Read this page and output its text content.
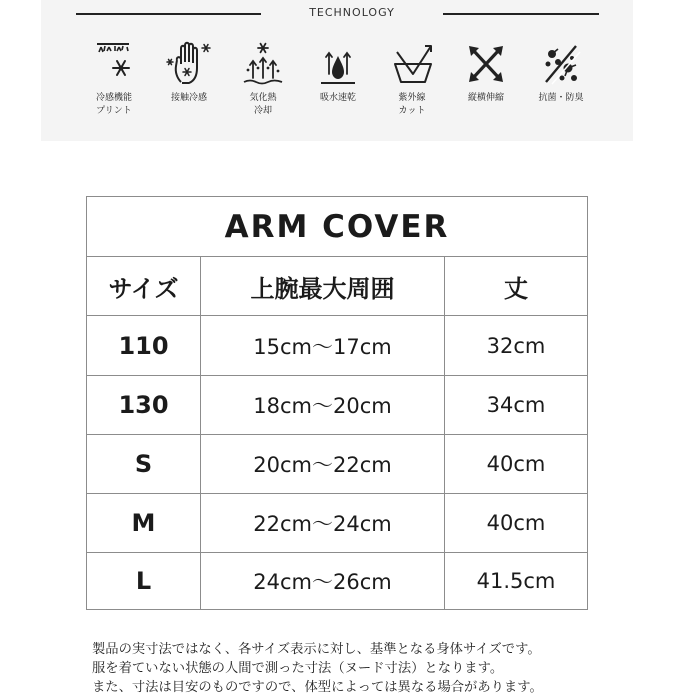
TECHNOLOGY
冷感機能
プリント
接触冷感	気化熱
冷却
吸水速乾	紫外線
カット
縦横伸縮	抗菌・防臭
ARM COVER
サイズ	上腕最大周囲	丈
110	15cm～17cm	32cm
130	18cm～20cm	34cm
S	20cm～22cm	40cm
M	22cm～24cm	40cm
L	24cm～26cm	41.5cm
製品の実寸法ではなく、各サイズ表示に対し、基準となる身体サイズです。
服を着ていない状態の人間で測った寸法（ヌード寸法）となります。
また、寸法は目安のものですので、体型によっては異なる場合があります。
